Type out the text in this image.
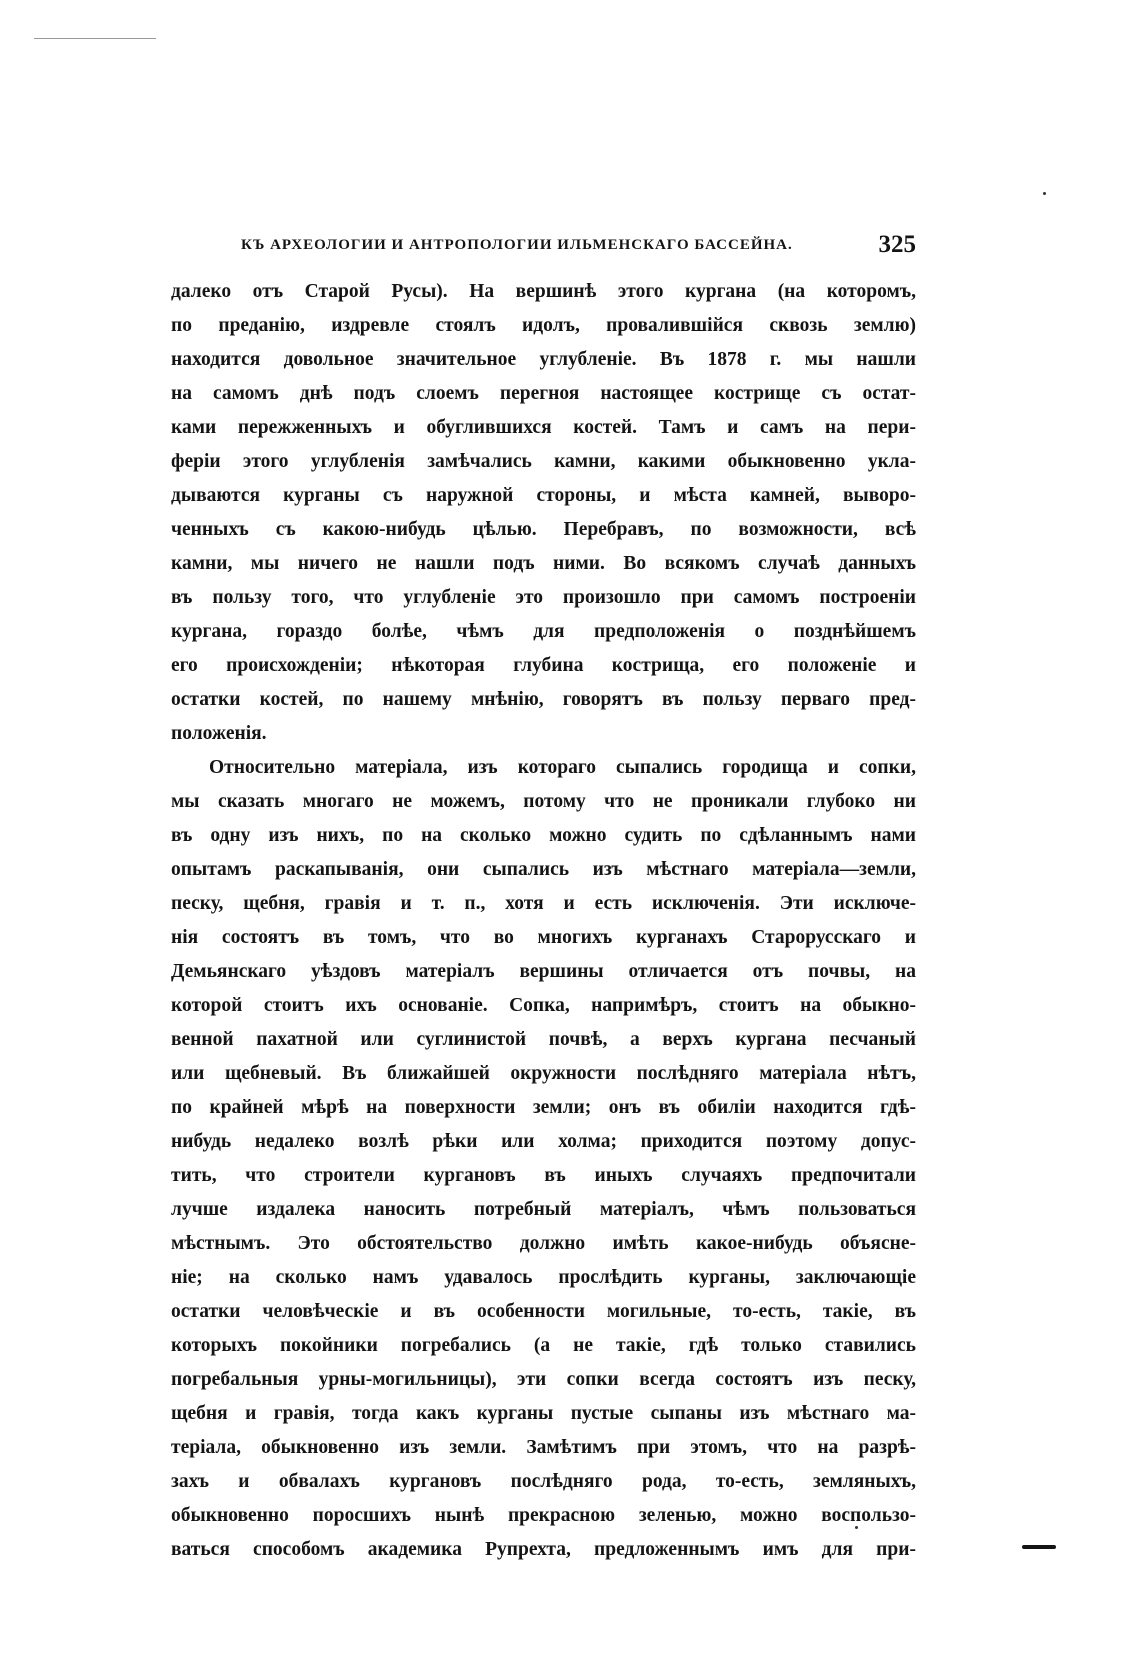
КЪ АРХЕОЛОГИИ И АНТРОПОЛОГИИ ИЛЬМЕНСКАГО БАССЕЙНА.	325
далеко отъ Старой Русы). На вершинѣ этого кургана (на которомъ,
по преданію, издревле стоялъ идолъ, провалившійся сквозь землю)
находится довольное значительное углубленіе. Въ 1878 г. мы нашли
на самомъ днѣ подъ слоемъ перегноя настоящее кострище съ остат-
ками пережженныхъ и обуглившихся костей. Тамъ и самъ на пери-
феріи этого углубленія замѣчались камни, какими обыкновенно укла-
дываются курганы съ наружной стороны, и мѣста камней, выворо-
ченныхъ съ какою-нибудь цѣлью. Перебравъ, по возможности, всѣ
камни, мы ничего не нашли подъ ними. Во всякомъ случаѣ данныхъ
въ пользу того, что углубленіе это произошло при самомъ построеніи
кургана, гораздо болѣе, чѣмъ для предположенія о позднѣйшемъ
его происхожденіи; нѣкоторая глубина кострища, его положеніе и
остатки костей, по нашему мнѣнію, говорятъ въ пользу перваго пред-
положенія.
Относительно матеріала, изъ котораго сыпались городища и сопки,
мы сказать многаго не можемъ, потому что не проникали глубоко ни
въ одну изъ нихъ, по на сколько можно судить по сдѣланнымъ нами
опытамъ раскапыванія, они сыпались изъ мѣстнаго матеріала—земли,
песку, щебня, гравія и т. п., хотя и есть исключенія. Эти исключе-
нія состоятъ въ томъ, что во многихъ курганахъ Старорусскаго и
Демьянскаго уѣздовъ матеріалъ вершины отличается отъ почвы, на
которой стоитъ ихъ основаніе. Сопка, напримѣръ, стоитъ на обыкно-
венной пахатной или суглинистой почвѣ, а верхъ кургана песчаный
или щебневый. Въ ближайшей окружности послѣдняго матеріала нѣтъ,
по крайней мѣрѣ на поверхности земли; онъ въ обиліи находится гдѣ-
нибудь недалеко возлѣ рѣки или холма; приходится поэтому допус-
тить, что строители кургановъ въ иныхъ случаяхъ предпочитали
лучше издалека наносить потребный матеріалъ, чѣмъ пользоваться
мѣстнымъ. Это обстоятельство должно имѣть какое-нибудь объясне-
ніе; на сколько намъ удавалось прослѣдить курганы, заключающіе
остатки человѣческіе и въ особенности могильные, то-есть, такіе, въ
которыхъ покойники погребались (а не такіе, гдѣ только ставились
погребальныя урны-могильницы), эти сопки всегда состоятъ изъ песку,
щебня и гравія, тогда какъ курганы пустые сыпаны изъ мѣстнаго ма-
теріала, обыкновенно изъ земли. Замѣтимъ при этомъ, что на разрѣ-
захъ и обвалахъ кургановъ послѣдняго рода, то-есть, земляныхъ,
обыкновенно поросшихъ нынѣ прекрасною зеленью, можно воспользо-
ваться способомъ академика Рупрехта, предложеннымъ имъ для при-
